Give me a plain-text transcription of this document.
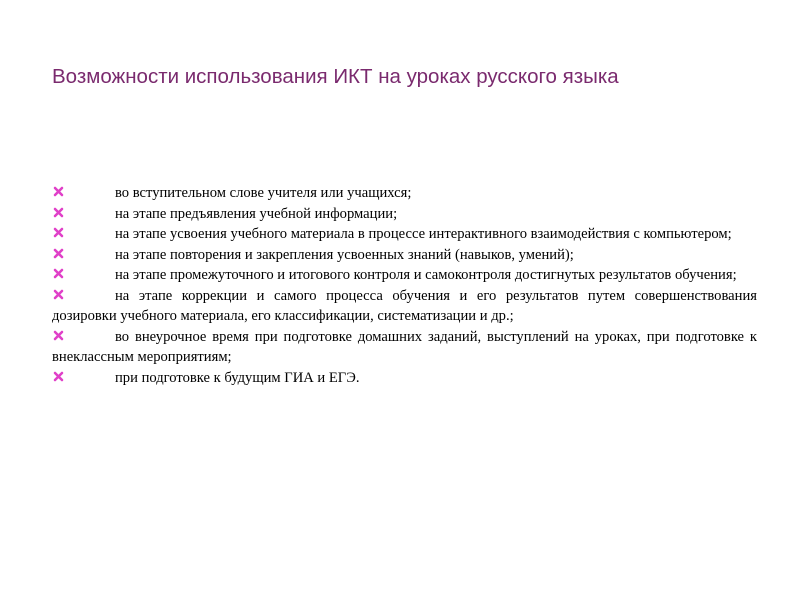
Возможности использования ИКТ на уроках русского языка
во вступительном слове учителя или учащихся;
на этапе предъявления учебной информации;
на этапе усвоения учебного материала в процессе интерактивного взаимодействия с компьютером;
на этапе повторения и закрепления усвоенных знаний (навыков, умений);
на этапе промежуточного и итогового контроля и самоконтроля достигнутых результатов обучения;
на этапе коррекции и самого процесса обучения и его результатов путем совершенствования дозировки учебного материала, его классификации, систематизации и др.;
во внеурочное время при подготовке домашних заданий, выступлений на уроках, при подготовке к внеклассным мероприятиям;
при подготовке к будущим ГИА и ЕГЭ.
